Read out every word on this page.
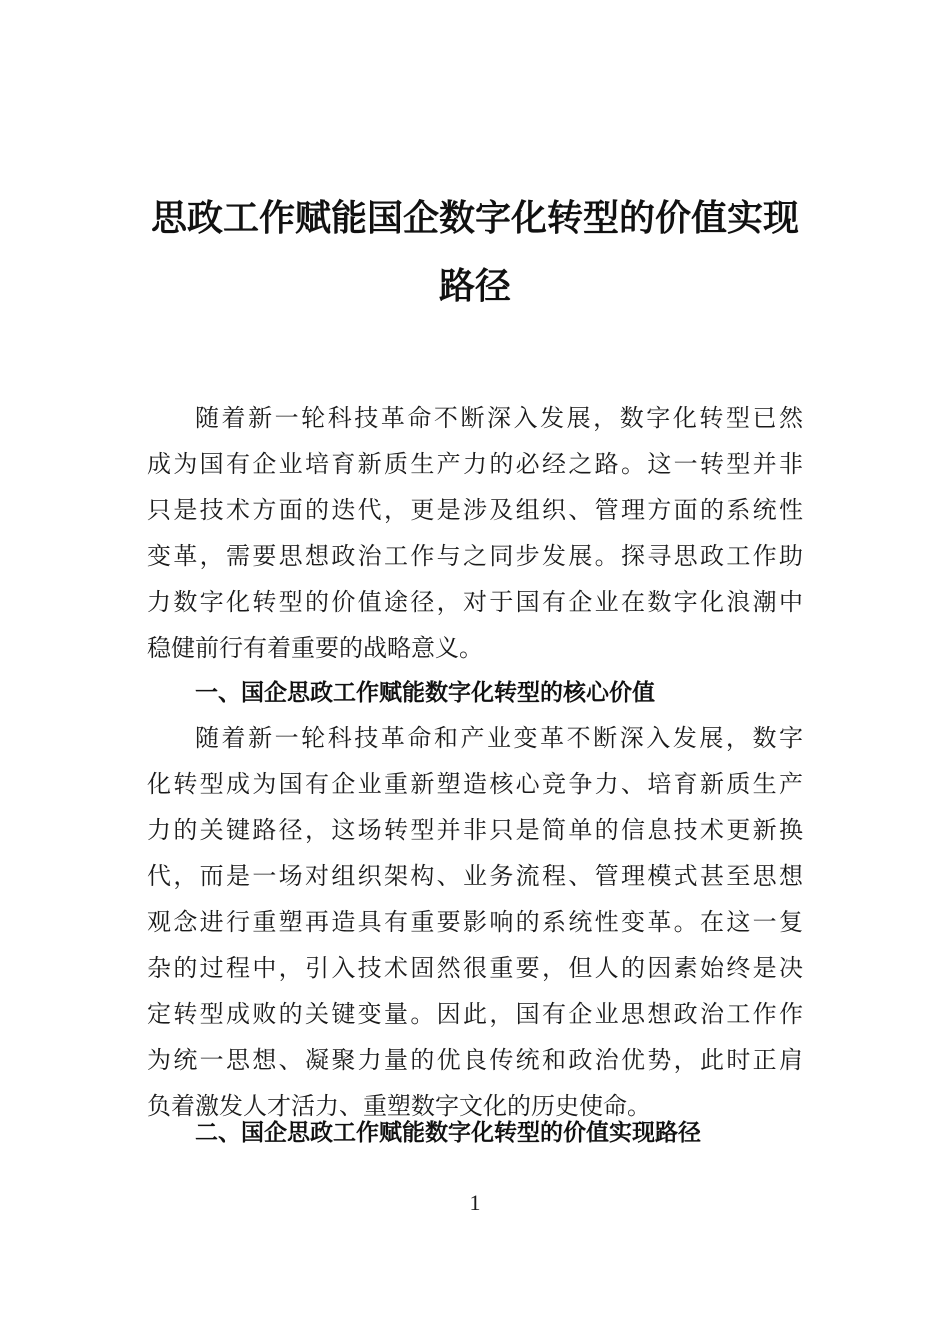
思政工作赋能国企数字化转型的价值实现
路径
随着新一轮科技革命不断深入发展，数字化转型已然
成为国有企业培育新质生产力的必经之路。这一转型并非
只是技术方面的迭代，更是涉及组织、管理方面的系统性
变革，需要思想政治工作与之同步发展。探寻思政工作助
力数字化转型的价值途径，对于国有企业在数字化浪潮中
稳健前行有着重要的战略意义。
一、国企思政工作赋能数字化转型的核心价值
随着新一轮科技革命和产业变革不断深入发展，数字
化转型成为国有企业重新塑造核心竞争力、培育新质生产
力的关键路径，这场转型并非只是简单的信息技术更新换
代，而是一场对组织架构、业务流程、管理模式甚至思想
观念进行重塑再造具有重要影响的系统性变革。在这一复
杂的过程中，引入技术固然很重要，但人的因素始终是决
定转型成败的关键变量。因此，国有企业思想政治工作作
为统一思想、凝聚力量的优良传统和政治优势，此时正肩
负着激发人才活力、重塑数字文化的历史使命。
二、国企思政工作赋能数字化转型的价值实现路径
1
